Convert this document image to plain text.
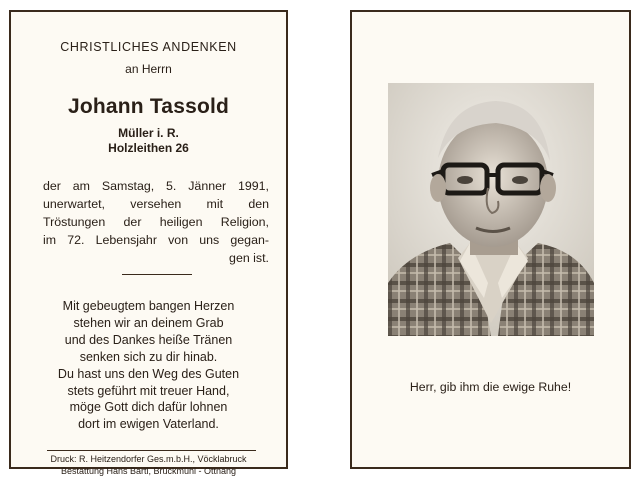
CHRISTLICHES ANDENKEN

an Herrn

Johann Tassold

Müller i. R.

Holzleithen 26

der am Samstag, 5. Jänner 1991,
unerwartet, versehen mit den
Tröstungen der heiligen Religion,
im 72. Lebensjahr von uns gegan-
gen ist.
Mit gebeugtem bangen Herzen
stehen wir an deinem Grab
und des Dankes heiße Tränen
senken sich zu dir hinab.
Du hast uns den Weg des Guten
stets geführt mit treuer Hand,
möge Gott dich dafür lohnen
dort im ewigen Vaterland.
Druck: R. Heitzendorfer Ges.m.b.H., Vöcklabruck
Bestattung Hans Bartl, Bruckmühl - Ottnang

Herr, gib ihm die ewige Ruhe!
